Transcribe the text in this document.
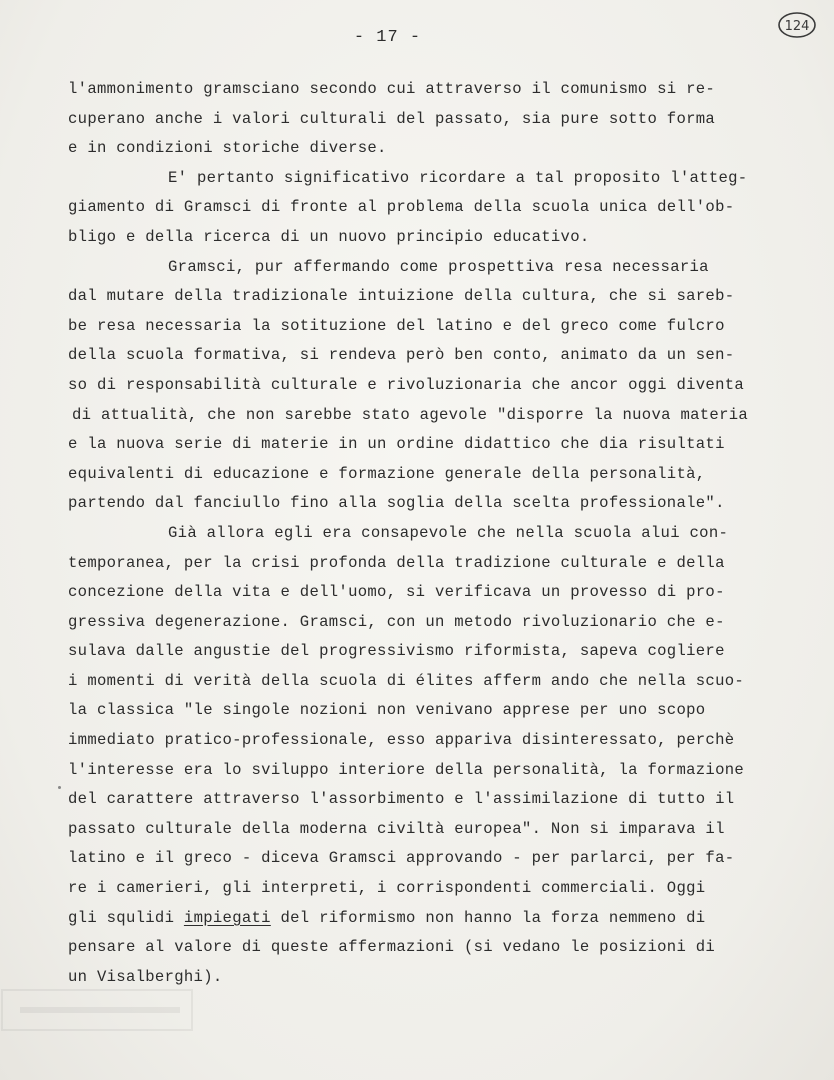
- 17 -
124
l'ammonimento gramsciano secondo cui attraverso il comunismo si re-
cuperano anche i valori culturali del passato, sia pure sotto forma
e in condizioni storiche diverse.
E' pertanto significativo ricordare a tal proposito l'atteg-
giamento di Gramsci di fronte al problema della scuola unica dell'ob-
bligo e della ricerca di un nuovo principio educativo.
Gramsci, pur affermando come prospettiva resa necessaria
dal mutare della tradizionale intuizione della cultura, che si sareb-
be resa necessaria la sotituzione del latino e del greco come fulcro
della scuola formativa, si rendeva però ben conto, animato da un sen-
so di responsabilità culturale e rivoluzionaria che ancor oggi diventa
di attualità, che non sarebbe stato agevole "disporre la nuova materia
e la nuova serie di materie in un ordine didattico che dia risultati
equivalenti di educazione e formazione generale della personalità,
partendo dal fanciullo fino alla soglia della scelta professionale".
Già allora egli era consapevole che nella scuola alui con-
temporanea, per la crisi profonda della tradizione culturale e della
concezione della vita e dell'uomo, si verificava un provesso di pro-
gressiva degenerazione. Gramsci, con un metodo rivoluzionario che e-
sulava dalle angustie del progressivismo riformista, sapeva cogliere
i momenti di verità della scuola di élites afferm ando che nella scuo-
la classica "le singole nozioni non venivano apprese per uno scopo
immediato pratico-professionale, esso appariva disinteressato, perchè
l'interesse era lo sviluppo interiore della personalità, la formazione
del carattere attraverso l'assorbimento e l'assimilazione di tutto il
passato culturale della moderna civiltà europea". Non si imparava il
latino e il greco - diceva Gramsci approvando - per parlarci, per fa-
re i camerieri, gli interpreti, i corrispondenti commerciali. Oggi
gli squlidi impiegati del riformismo non hanno la forza nemmeno di
pensare al valore di queste affermazioni (si vedano le posizioni di
un Visalberghi).
